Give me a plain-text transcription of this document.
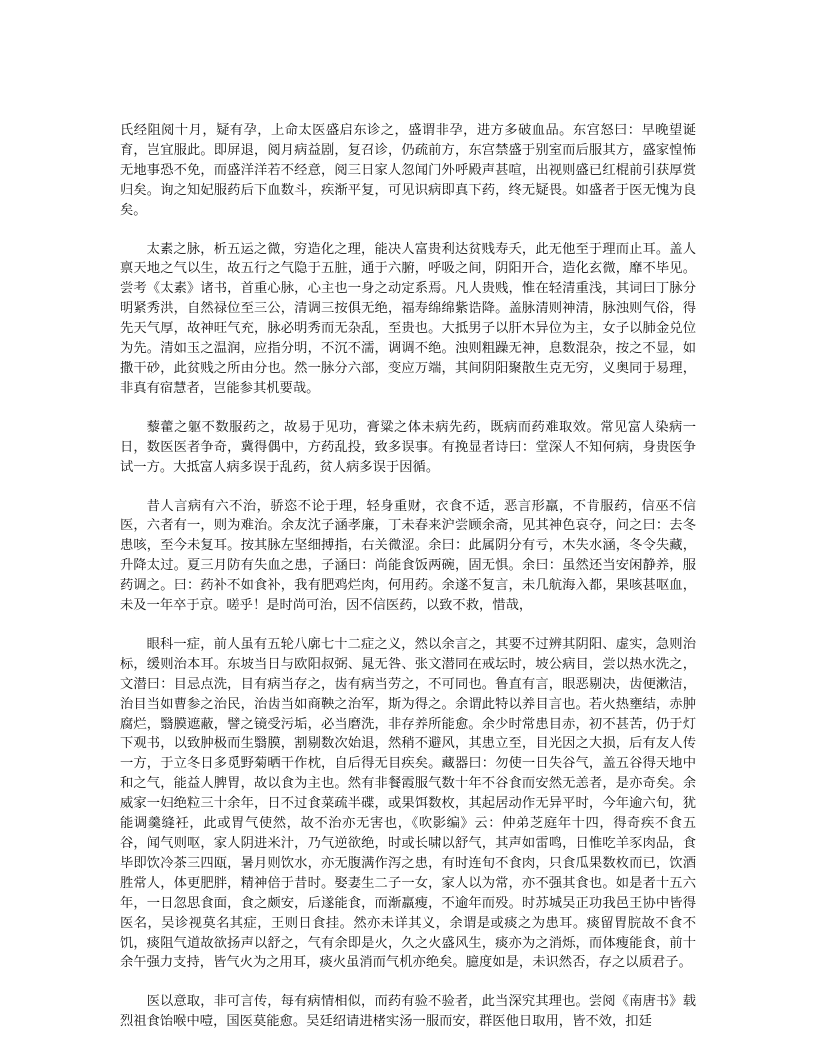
氏经阻阅十月，疑有孕，上命太医盛启东诊之，盛谓非孕，进方多破血品。东宫怒曰：早晚望诞育，岂宜服此。即屏退，阅月病益剧，复召诊，仍疏前方，东宫禁盛于别室而后服其方，盛家惶怖无地事恐不免，而盛洋洋若不经意，阅三日家人忽闻门外呼殿声甚喧，出视则盛已红棍前引获厚赏归矣。询之知妃服药后下血数斗，疾渐平复，可见识病即真下药，终无疑畏。如盛者于医无愧为良矣。

太素之脉，析五运之微，穷造化之理，能决人富贵利达贫贱寿夭，此无他至于理而止耳。盖人禀天地之气以生，故五行之气隐于五脏，通于六腑，呼吸之间，阴阳开合，造化玄微，靡不毕见。尝考《太素》诸书，首重心脉，心主也一身之动定系焉。凡人贵贱，惟在轻清重浅，其词曰丁脉分明紧秀洪，自然禄位至三公，清调三按俱无绝，福寿绵绵紫诰降。盖脉清则神清，脉浊则气俗，得先天气厚，故神旺气充，脉必明秀而无杂乱，至贵也。大抵男子以肝木异位为主，女子以肺金兑位为先。清如玉之温润，应指分明，不沉不濡，调调不绝。浊则粗躁无神，息数混杂，按之不显，如撒干砂，此贫贱之所由分也。然一脉分六部，变应万端，其间阴阳聚散生克无穷，义奥同于易理，非真有宿慧者，岂能参其机要哉。

藜藿之躯不数服药之，故易于见功，膏粱之体未病先药，既病而药难取效。常见富人染病一日，数医医者争奇，冀得偶中，方药乱投，致多误事。有挽显者诗曰：堂深人不知何病，身贵医争试一方。大抵富人病多误于乱药，贫人病多误于因循。

昔人言病有六不治，骄恣不论于理，轻身重财，衣食不适，恶言形羸，不肯服药，信巫不信医，六者有一，则为难治。余友沈子涵孝廉，丁未春来沪尝顾余斋，见其神色哀夺，问之曰：去冬患咳，至今未复耳。按其脉左坚细搏指，右关微涩。余曰：此属阴分有亏，木失水涵，冬令失藏，升降太过。夏三月防有失血之患，子涵曰：尚能食饭两碗，固无惧。余曰：虽然还当安闲静养，服药调之。曰：药补不如食补，我有肥鸡烂肉，何用药。余遂不复言，未几航海入都，果咳甚呕血，未及一年卒于京。嗟乎！是时尚可治，因不信医药，以致不救，惜哉，

眼科一症，前人虽有五轮八廓七十二症之义，然以余言之，其要不过辨其阴阳、虚实，急则治标，缓则治本耳。东坡当日与欧阳叔弼、晁无咎、张文潜同在戒坛时，坡公病目，尝以热水洗之，文潜曰：目忌点洗，目有病当存之，齿有病当劳之，不可同也。鲁直有言，眼恶剔决，齿便漱洁，治目当如曹参之治民，治齿当如商鞅之治军，斯为得之。余谓此特以养目言也。若火热壅结，赤肿腐烂，翳膜遮蔽，譬之镜受污垢，必当磨洗，非存养所能愈。余少时常患目赤，初不甚苦，仍于灯下观书，以致肿极而生翳膜，割剔数次始退，然稍不避风，其患立至，目光因之大损，后有友人传一方，于立冬日多觅野菊晒干作枕，自后得无目疾矣。藏器曰：勿使一日失谷气，盖五谷得天地中和之气，能益人脾胃，故以食为主也。然有非餐霞服气数十年不谷食而安然无恙者，是亦奇矣。余威家一妇绝粒三十余年，日不过食菜疏半碟，或果饵数枚，其起居动作无异平时，今年逾六旬，犹能调羹缝衽，此或胃气使然，故不治亦无害也，《吹影编》云：仲弟芝庭年十四，得奇疾不食五谷，闻气则呕，家人阴进米汁，乃气逆欲绝，时或长啸以舒气，其声如雷鸣，日惟吃羊豕肉品，食毕即饮冷茶三四瓯，暑月则饮水，亦无腹满作泻之患，有时连旬不食肉，只食瓜果数枚而已，饮酒胜常人，体更肥胖，精神倍于昔时。娶妻生二子一女，家人以为常，亦不强其食也。如是者十五六年，一日忽思食面，食之颇安，后遂能食，而渐羸瘦，不逾年而殁。时苏城吴正功我邑王协中皆得医名，吴诊视莫名其症，王则日食挂。然亦未详其义，余谓是或痰之为患耳。痰留胃脘故不食不饥，痰阻气道故欲扬声以舒之，气有余即是火，久之火盛风生，痰亦为之消烁，而体瘦能食，前十余午强力支持，皆气火为之用耳，痰火虽消而气机亦绝矣。臆度如是，未识然否，存之以质君子。

医以意取，非可言传，每有病情相似，而药有验不验者，此当深究其理也。尝阅《南唐书》载烈祖食饴喉中噎，国医莫能愈。吴廷绍请进楮实汤一服而安，群医他日取用，皆不效，扣廷
